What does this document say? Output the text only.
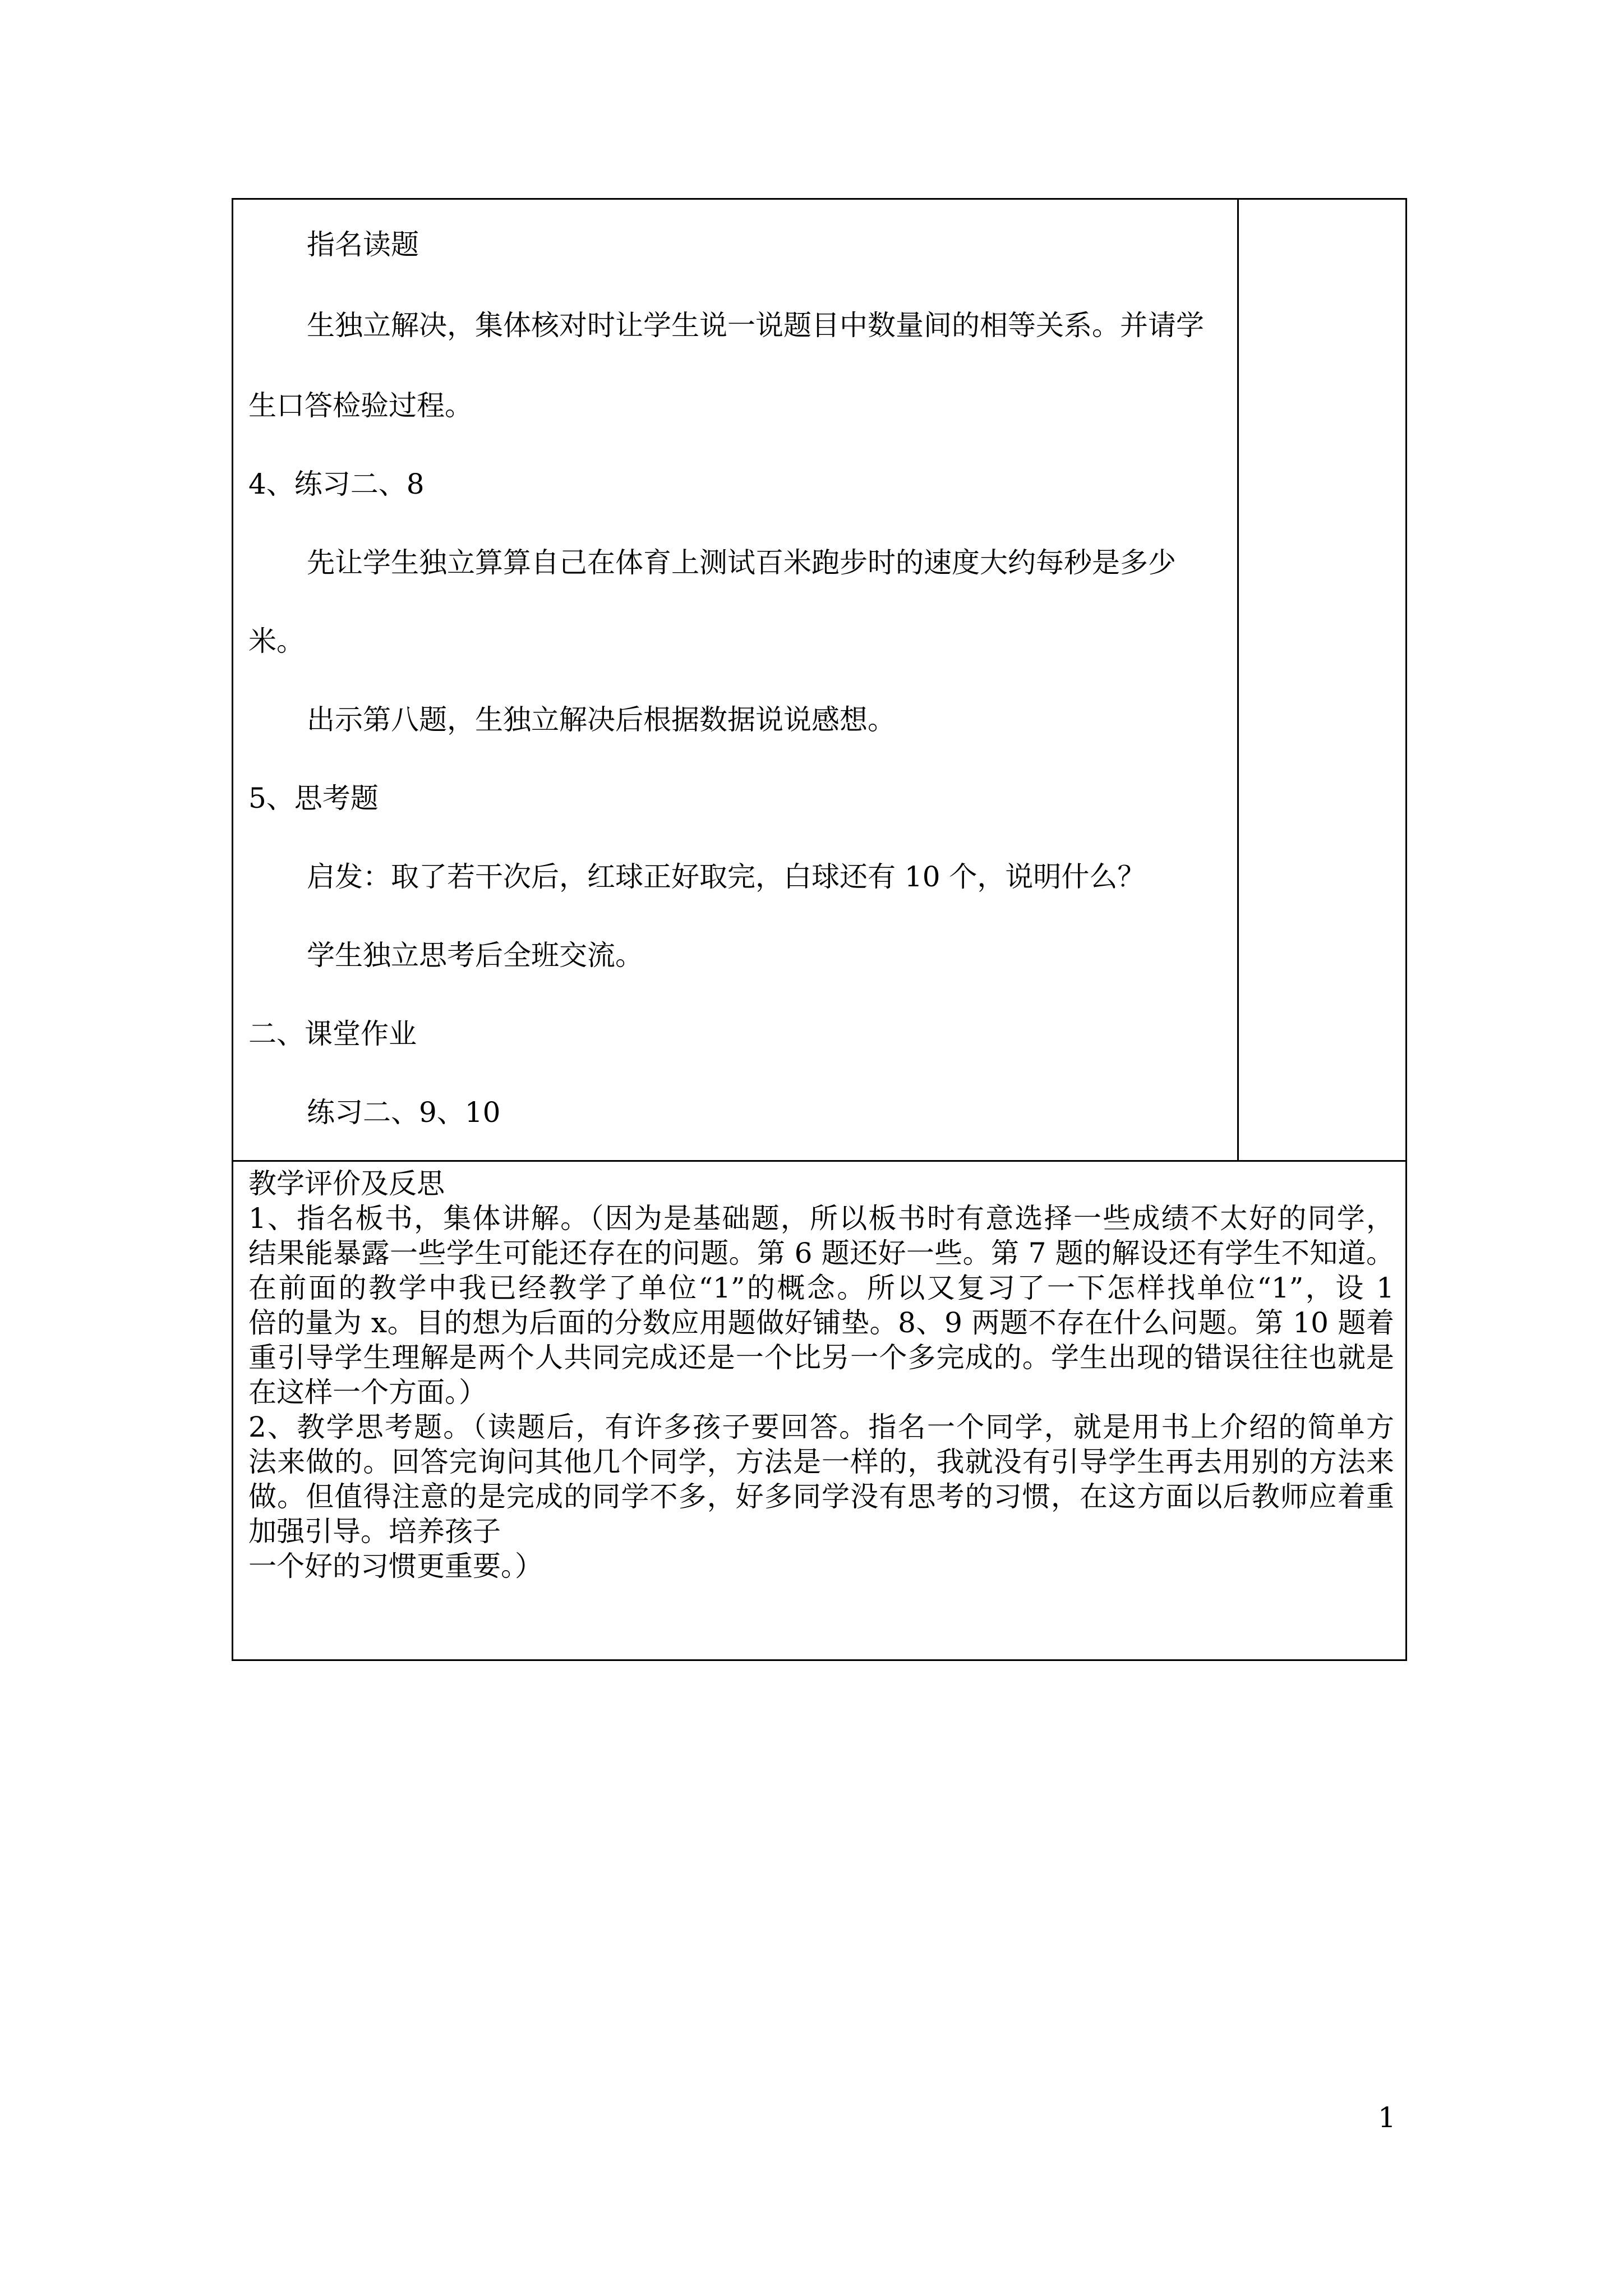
指名读题
生独立解决，集体核对时让学生说一说题目中数量间的相等关系。并请学
生口答检验过程。
4、练习二、8
先让学生独立算算自己在体育上测试百米跑步时的速度大约每秒是多少
米。
出示第八题，生独立解决后根据数据说说感想。
5、思考题
启发：取了若干次后，红球正好取完，白球还有 10 个，说明什么？
学生独立思考后全班交流。
二、课堂作业
练习二、9、10
教学评价及反思
1、指名板书，集体讲解。（因为是基础题，所以板书时有意选择一些成绩不太好的同学，
结果能暴露一些学生可能还存在的问题。第 6 题还好一些。第 7 题的解设还有学生不知道。
在前面的教学中我已经教学了单位“1”的概念。所以又复习了一下怎样找单位“1”，设 1
倍的量为 x。目的想为后面的分数应用题做好铺垫。8、9 两题不存在什么问题。第 10 题着
重引导学生理解是两个人共同完成还是一个比另一个多完成的。学生出现的错误往往也就是
在这样一个方面。）
2、教学思考题。（读题后，有许多孩子要回答。指名一个同学，就是用书上介绍的简单方
法来做的。回答完询问其他几个同学，方法是一样的，我就没有引导学生再去用别的方法来
做。但值得注意的是完成的同学不多，好多同学没有思考的习惯，在这方面以后教师应着重
加强引导。培养孩子
一个好的习惯更重要。）
1
